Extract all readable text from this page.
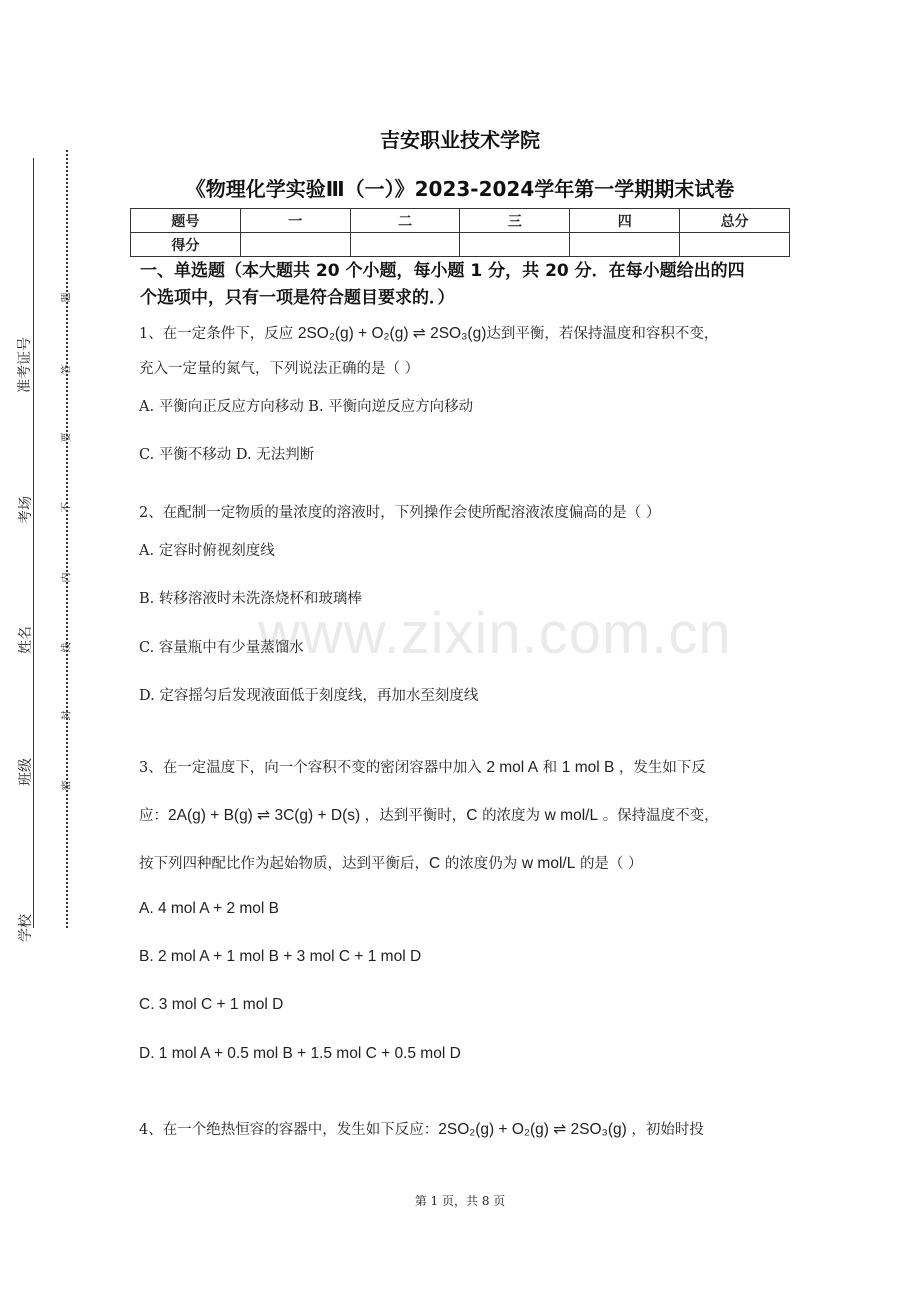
准考证号
考场
姓名
班级
学校
题
答
要
不
内
线
封
密
吉安职业技术学院
《物理化学实验Ⅲ（一）》2023-2024学年第一学期期末试卷
题号	一	二	三	四	总分
得分					
一、单选题（本大题共 20 个小题，每小题 1 分，共 20 分．在每小题给出的四
个选项中，只有一项是符合题目要求的．）
1、在一定条件下，反应 2SO₂(g) + O₂(g) ⇌ 2SO₃(g)达到平衡，若保持温度和容积不变，
充入一定量的氮气，下列说法正确的是（ ）
A. 平衡向正反应方向移动 B. 平衡向逆反应方向移动
C. 平衡不移动 D. 无法判断
2、在配制一定物质的量浓度的溶液时，下列操作会使所配溶液浓度偏高的是（ ）
A. 定容时俯视刻度线
B. 转移溶液时未洗涤烧杯和玻璃棒
C. 容量瓶中有少量蒸馏水
D. 定容摇匀后发现液面低于刻度线，再加水至刻度线
3、在一定温度下，向一个容积不变的密闭容器中加入 2 mol A 和 1 mol B ，发生如下反
应：2A(g) + B(g) ⇌ 3C(g) + D(s) ，达到平衡时，C 的浓度为 w mol/L 。保持温度不变，
按下列四种配比作为起始物质，达到平衡后，C 的浓度仍为 w mol/L 的是（ ）
A. 4 mol A + 2 mol B
B. 2 mol A + 1 mol B + 3 mol C + 1 mol D
C. 3 mol C + 1 mol D
D. 1 mol A + 0.5 mol B + 1.5 mol C + 0.5 mol D
4、在一个绝热恒容的容器中，发生如下反应：2SO₂(g) + O₂(g) ⇌ 2SO₃(g) ，初始时投
www.zixin.com.cn
第 1 页，共 8 页
